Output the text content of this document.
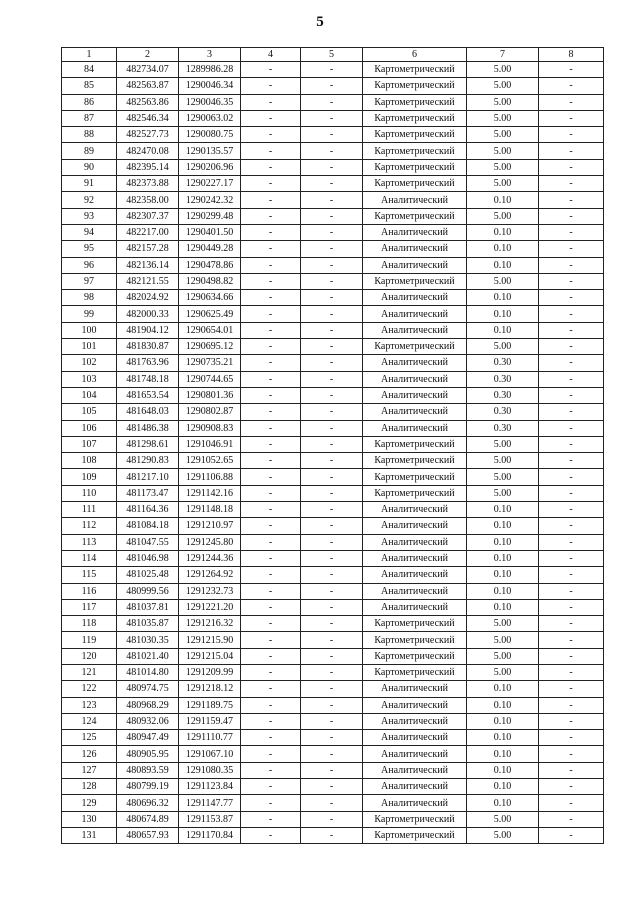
5
1	2	3	4	5	6	7	8
84	482734.07	1289986.28	-	-	Картометрический	5.00	-
85	482563.87	1290046.34	-	-	Картометрический	5.00	-
86	482563.86	1290046.35	-	-	Картометрический	5.00	-
87	482546.34	1290063.02	-	-	Картометрический	5.00	-
88	482527.73	1290080.75	-	-	Картометрический	5.00	-
89	482470.08	1290135.57	-	-	Картометрический	5.00	-
90	482395.14	1290206.96	-	-	Картометрический	5.00	-
91	482373.88	1290227.17	-	-	Картометрический	5.00	-
92	482358.00	1290242.32	-	-	Аналитический	0.10	-
93	482307.37	1290299.48	-	-	Картометрический	5.00	-
94	482217.00	1290401.50	-	-	Аналитический	0.10	-
95	482157.28	1290449.28	-	-	Аналитический	0.10	-
96	482136.14	1290478.86	-	-	Аналитический	0.10	-
97	482121.55	1290498.82	-	-	Картометрический	5.00	-
98	482024.92	1290634.66	-	-	Аналитический	0.10	-
99	482000.33	1290625.49	-	-	Аналитический	0.10	-
100	481904.12	1290654.01	-	-	Аналитический	0.10	-
101	481830.87	1290695.12	-	-	Картометрический	5.00	-
102	481763.96	1290735.21	-	-	Аналитический	0.30	-
103	481748.18	1290744.65	-	-	Аналитический	0.30	-
104	481653.54	1290801.36	-	-	Аналитический	0.30	-
105	481648.03	1290802.87	-	-	Аналитический	0.30	-
106	481486.38	1290908.83	-	-	Аналитический	0.30	-
107	481298.61	1291046.91	-	-	Картометрический	5.00	-
108	481290.83	1291052.65	-	-	Картометрический	5.00	-
109	481217.10	1291106.88	-	-	Картометрический	5.00	-
110	481173.47	1291142.16	-	-	Картометрический	5.00	-
111	481164.36	1291148.18	-	-	Аналитический	0.10	-
112	481084.18	1291210.97	-	-	Аналитический	0.10	-
113	481047.55	1291245.80	-	-	Аналитический	0.10	-
114	481046.98	1291244.36	-	-	Аналитический	0.10	-
115	481025.48	1291264.92	-	-	Аналитический	0.10	-
116	480999.56	1291232.73	-	-	Аналитический	0.10	-
117	481037.81	1291221.20	-	-	Аналитический	0.10	-
118	481035.87	1291216.32	-	-	Картометрический	5.00	-
119	481030.35	1291215.90	-	-	Картометрический	5.00	-
120	481021.40	1291215.04	-	-	Картометрический	5.00	-
121	481014.80	1291209.99	-	-	Картометрический	5.00	-
122	480974.75	1291218.12	-	-	Аналитический	0.10	-
123	480968.29	1291189.75	-	-	Аналитический	0.10	-
124	480932.06	1291159.47	-	-	Аналитический	0.10	-
125	480947.49	1291110.77	-	-	Аналитический	0.10	-
126	480905.95	1291067.10	-	-	Аналитический	0.10	-
127	480893.59	1291080.35	-	-	Аналитический	0.10	-
128	480799.19	1291123.84	-	-	Аналитический	0.10	-
129	480696.32	1291147.77	-	-	Аналитический	0.10	-
130	480674.89	1291153.87	-	-	Картометрический	5.00	-
131	480657.93	1291170.84	-	-	Картометрический	5.00	-
